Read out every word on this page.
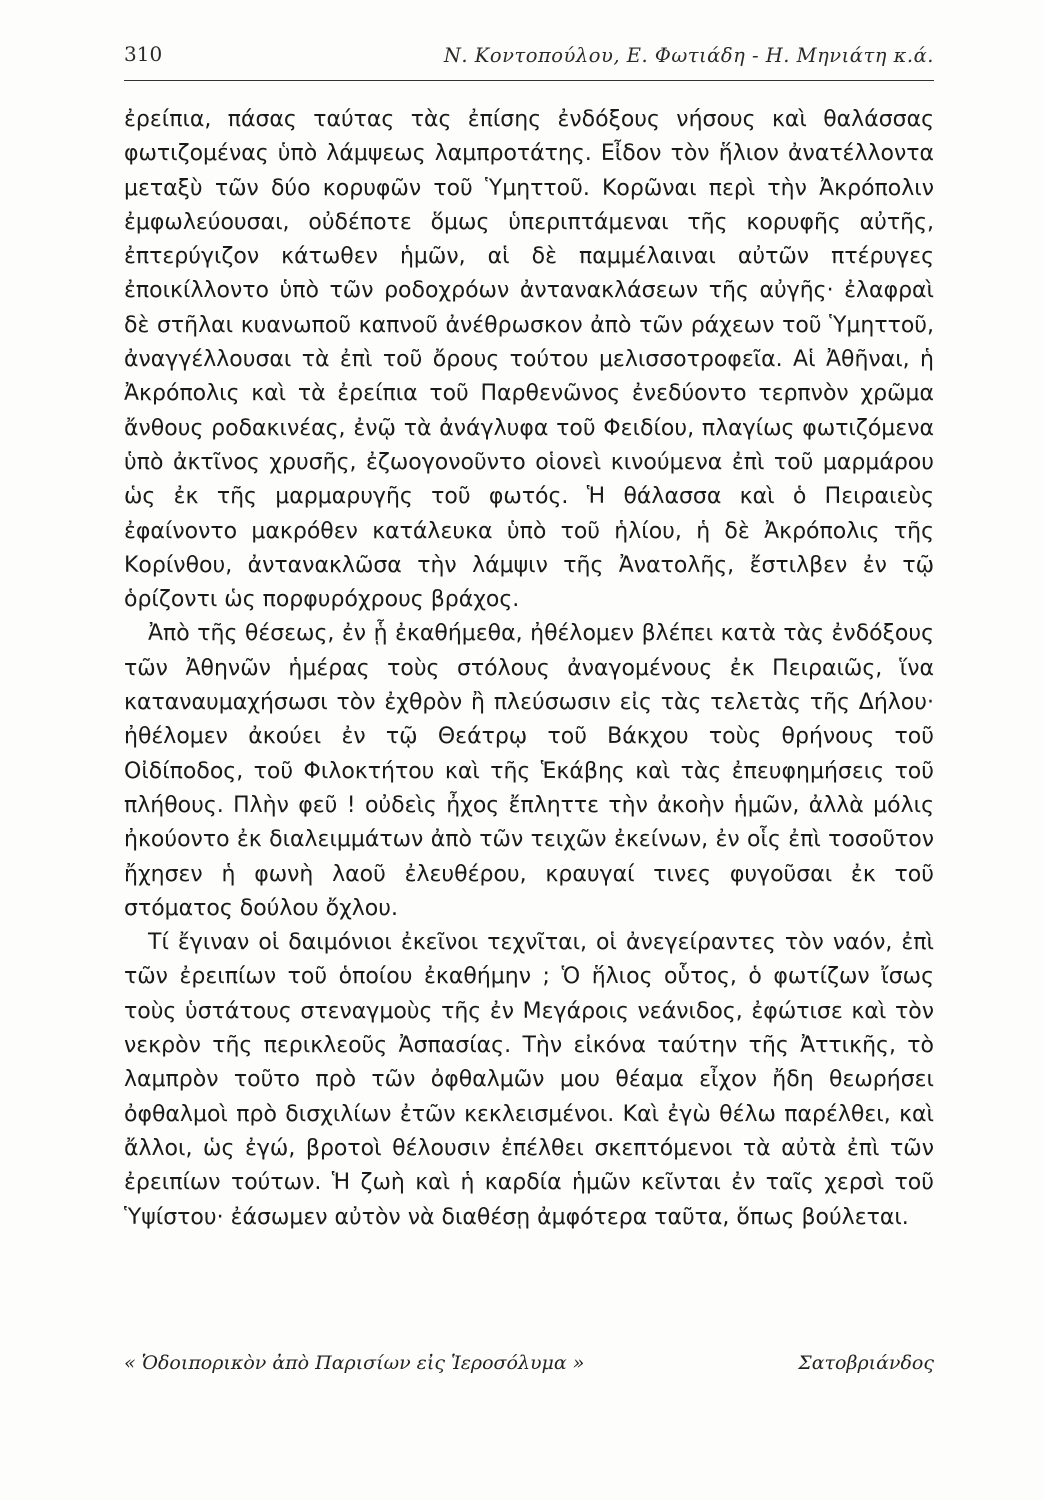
310	Ν. Κοντοπούλου, Ε. Φωτιάδη - Η. Μηνιάτη κ.ά.

ἐρείπια, πάσας ταύτας τὰς ἐπίσης ἐνδόξους νήσους καὶ θαλάσσας φωτιζομένας ὑπὸ λάμψεως λαμπροτάτης. Εἶδον τὸν ἥλιον ἀνατέλλοντα μεταξὺ τῶν δύο κορυφῶν τοῦ Ὑμηττοῦ. Κορῶναι περὶ τὴν Ἀκρόπολιν ἐμφωλεύουσαι, οὐδέποτε ὅμως ὑπεριπτάμεναι τῆς κορυφῆς αὐτῆς, ἐπτερύγιζον κάτωθεν ἡμῶν, αἱ δὲ παμμέλαιναι αὐτῶν πτέρυγες ἐποικίλλοντο ὑπὸ τῶν ροδοχρόων ἀντανακλάσεων τῆς αὐγῆς· ἐλαφραὶ δὲ στῆλαι κυανωποῦ καπνοῦ ἀνέθρωσκον ἀπὸ τῶν ράχεων τοῦ Ὑμηττοῦ, ἀναγγέλλουσαι τὰ ἐπὶ τοῦ ὄρους τούτου μελισσοτροφεῖα. Αἱ Ἀθῆναι, ἡ Ἀκρόπολις καὶ τὰ ἐρείπια τοῦ Παρθενῶνος ἐνεδύοντο τερπνὸν χρῶμα ἄνθους ροδακινέας, ἐνῷ τὰ ἀνάγλυφα τοῦ Φειδίου, πλαγίως φωτιζόμενα ὑπὸ ἀκτῖνος χρυσῆς, ἐζωογονοῦντο οἱονεὶ κινούμενα ἐπὶ τοῦ μαρμάρου ὡς ἐκ τῆς μαρμαρυγῆς τοῦ φωτός. Ἡ θάλασσα καὶ ὁ Πειραιεὺς ἐφαίνοντο μακρόθεν κατάλευκα ὑπὸ τοῦ ἡλίου, ἡ δὲ Ἀκρόπολις τῆς Κορίνθου, ἀντανακλῶσα τὴν λάμψιν τῆς Ἀνατολῆς, ἔστιλβεν ἐν τῷ ὁρίζοντι ὡς πορφυρόχρους βράχος.

Ἀπὸ τῆς θέσεως, ἐν ᾗ ἐκαθήμεθα, ἠθέλομεν βλέπει κατὰ τὰς ἐνδόξους τῶν Ἀθηνῶν ἡμέρας τοὺς στόλους ἀναγομένους ἐκ Πειραιῶς, ἵνα καταναυμαχήσωσι τὸν ἐχθρὸν ἢ πλεύσωσιν εἰς τὰς τελετὰς τῆς Δήλου· ἠθέλομεν ἀκούει ἐν τῷ Θεάτρῳ τοῦ Βάκχου τοὺς θρήνους τοῦ Οἰδίποδος, τοῦ Φιλοκτήτου καὶ τῆς Ἑκάβης καὶ τὰς ἐπευφημήσεις τοῦ πλήθους. Πλὴν φεῦ ! οὐδεὶς ἦχος ἔπληττε τὴν ἀκοὴν ἡμῶν, ἀλλὰ μόλις ἠκούοντο ἐκ διαλειμμάτων ἀπὸ τῶν τειχῶν ἐκείνων, ἐν οἷς ἐπὶ τοσοῦτον ἤχησεν ἡ φωνὴ λαοῦ ἐλευθέρου, κραυγαί τινες φυγοῦσαι ἐκ τοῦ στόματος δούλου ὄχλου.

Τί ἔγιναν οἱ δαιμόνιοι ἐκεῖνοι τεχνῖται, οἱ ἀνεγείραντες τὸν ναόν, ἐπὶ τῶν ἐρειπίων τοῦ ὁποίου ἐκαθήμην ; Ὁ ἥλιος οὗτος, ὁ φωτίζων ἴσως τοὺς ὑστάτους στεναγμοὺς τῆς ἐν Μεγάροις νεάνιδος, ἐφώτισε καὶ τὸν νεκρὸν τῆς περικλεοῦς Ἀσπασίας. Τὴν εἰκόνα ταύτην τῆς Ἀττικῆς, τὸ λαμπρὸν τοῦτο πρὸ τῶν ὀφθαλμῶν μου θέαμα εἶχον ἤδη θεωρήσει ὀφθαλμοὶ πρὸ δισχιλίων ἐτῶν κεκλεισμένοι. Καὶ ἐγὼ θέλω παρέλθει, καὶ ἄλλοι, ὡς ἐγώ, βροτοὶ θέλουσιν ἐπέλθει σκεπτόμενοι τὰ αὐτὰ ἐπὶ τῶν ἐρειπίων τούτων. Ἡ ζωὴ καὶ ἡ καρδία ἡμῶν κεῖνται ἐν ταῖς χερσὶ τοῦ Ὑψίστου· ἐάσωμεν αὐτὸν νὰ διαθέσῃ ἀμφότερα ταῦτα, ὅπως βούλεται.

« Ὁδοιπορικὸν ἀπὸ Παρισίων εἰς Ἱεροσόλυμα »	Σατοβριάνδος
